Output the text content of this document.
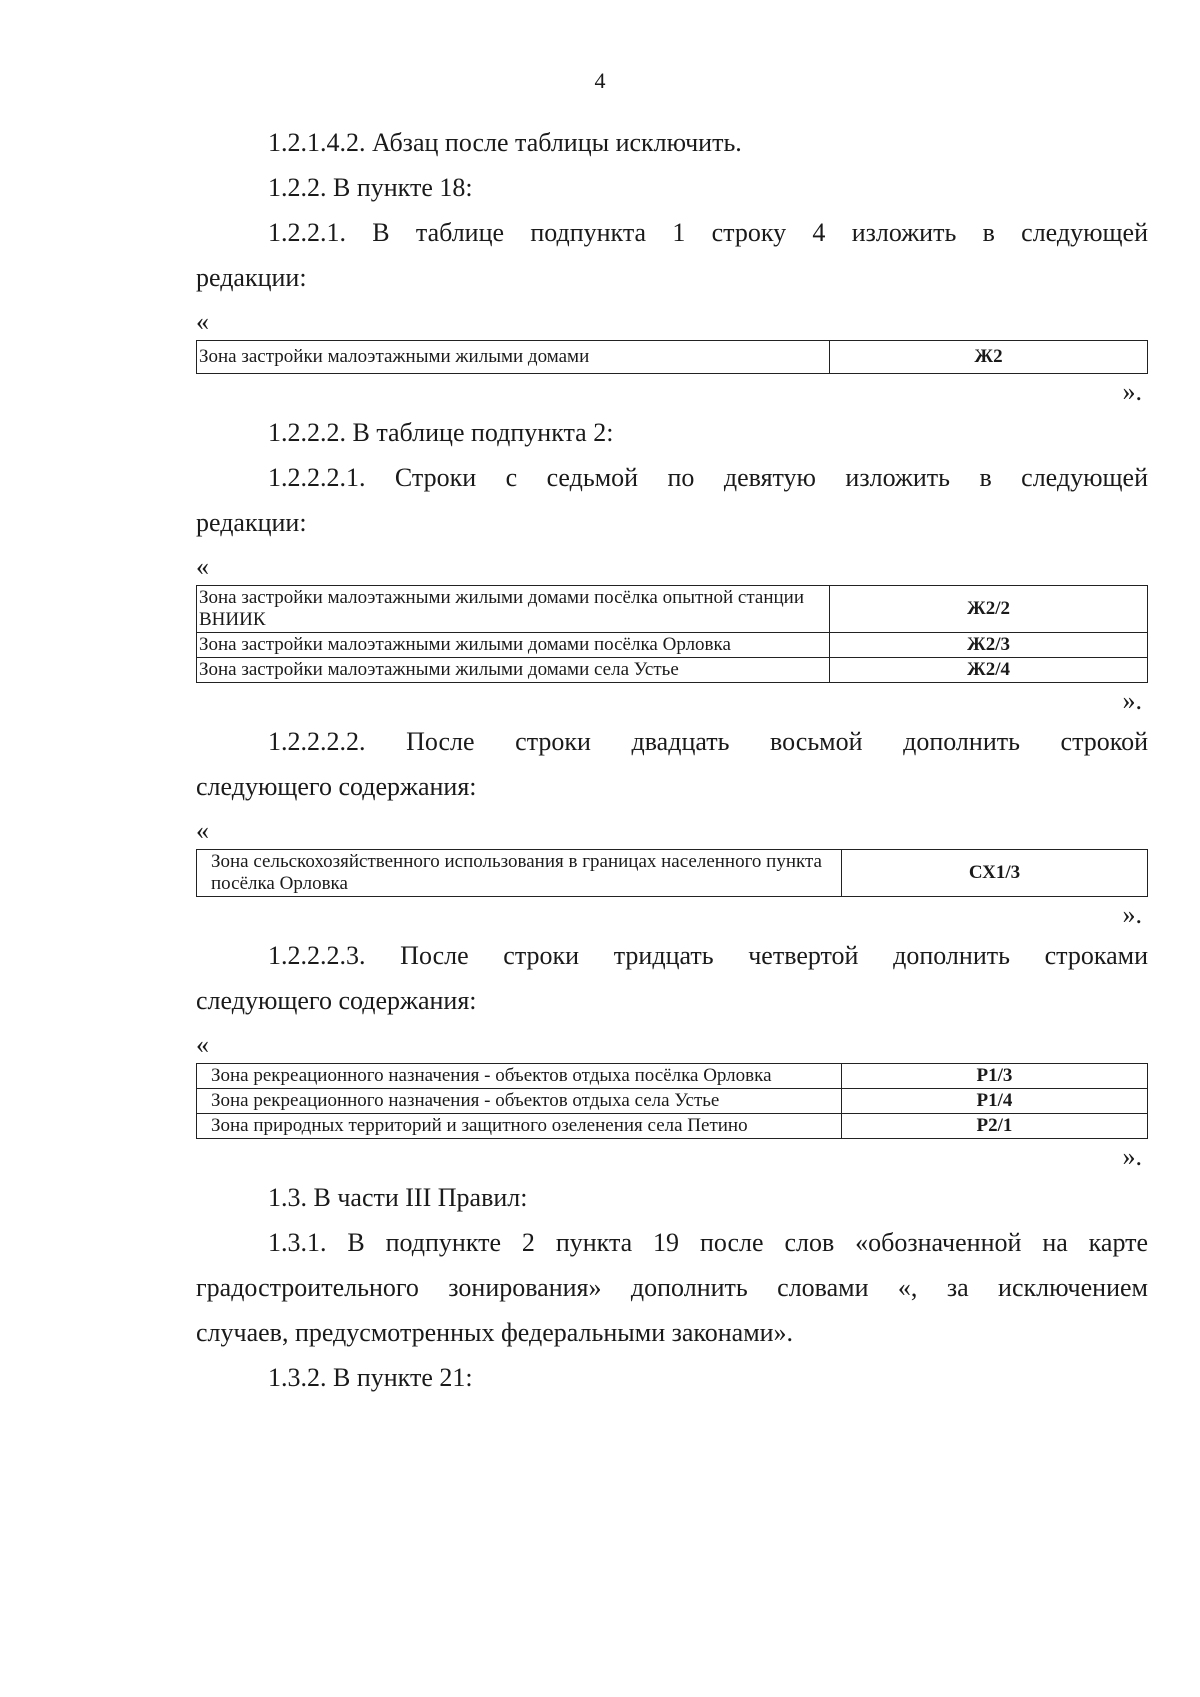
4

1.2.1.4.2. Абзац после таблицы исключить.

1.2.2. В пункте 18:

1.2.2.1. В таблице подпункта 1 строку 4 изложить в следующей

редакции:

«

Зона застройки малоэтажными жилыми домами	Ж2

».

1.2.2.2. В таблице подпункта 2:

1.2.2.2.1. Строки с седьмой по девятую изложить в следующей

редакции:

«

Зона застройки малоэтажными жилыми домами посёлка опытной станции ВНИИК	Ж2/2
Зона застройки малоэтажными жилыми домами посёлка Орловка	Ж2/3
Зона застройки малоэтажными жилыми домами села Устье	Ж2/4

».

1.2.2.2.2. После строки двадцать восьмой дополнить строкой

следующего содержания:

«

Зона сельскохозяйственного использования в границах населенного пункта посёлка Орловка	СХ1/3

».

1.2.2.2.3. После строки тридцать четвертой дополнить строками

следующего содержания:

«

Зона рекреационного назначения - объектов отдыха посёлка Орловка	Р1/3
Зона рекреационного назначения - объектов отдыха села Устье	Р1/4
Зона природных территорий и защитного озеленения села Петино	Р2/1

».

1.3. В части III Правил:

1.3.1. В подпункте 2 пункта 19 после слов «обозначенной на карте

градостроительного зонирования» дополнить словами «, за исключением

случаев, предусмотренных федеральными законами».

1.3.2. В пункте 21:
